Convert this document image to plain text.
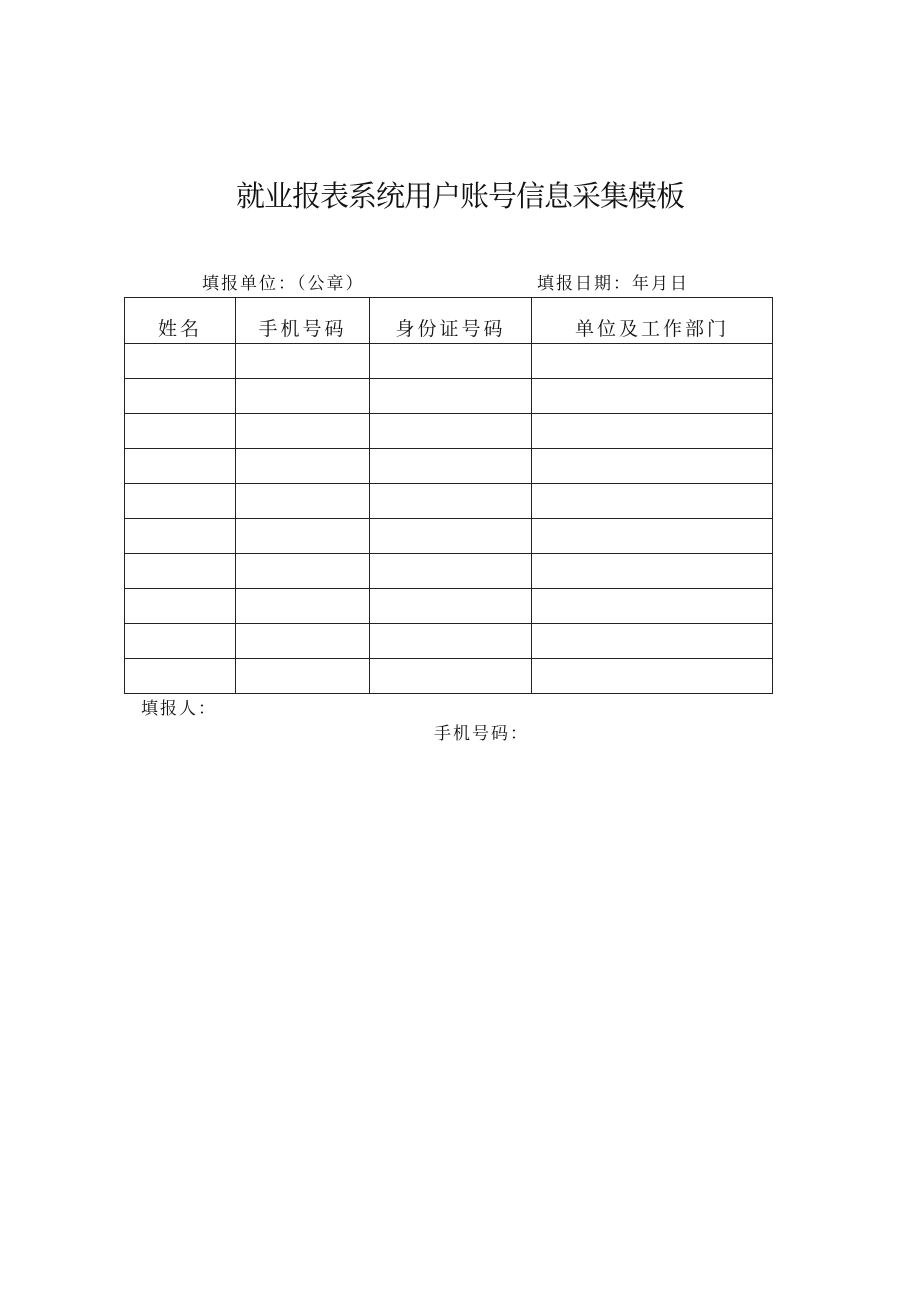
就业报表系统用户账号信息采集模板
填报单位：（公章）	填报日期：年月日
姓名	手机号码	身份证号码	单位及工作部门

填报人：
手机号码：
